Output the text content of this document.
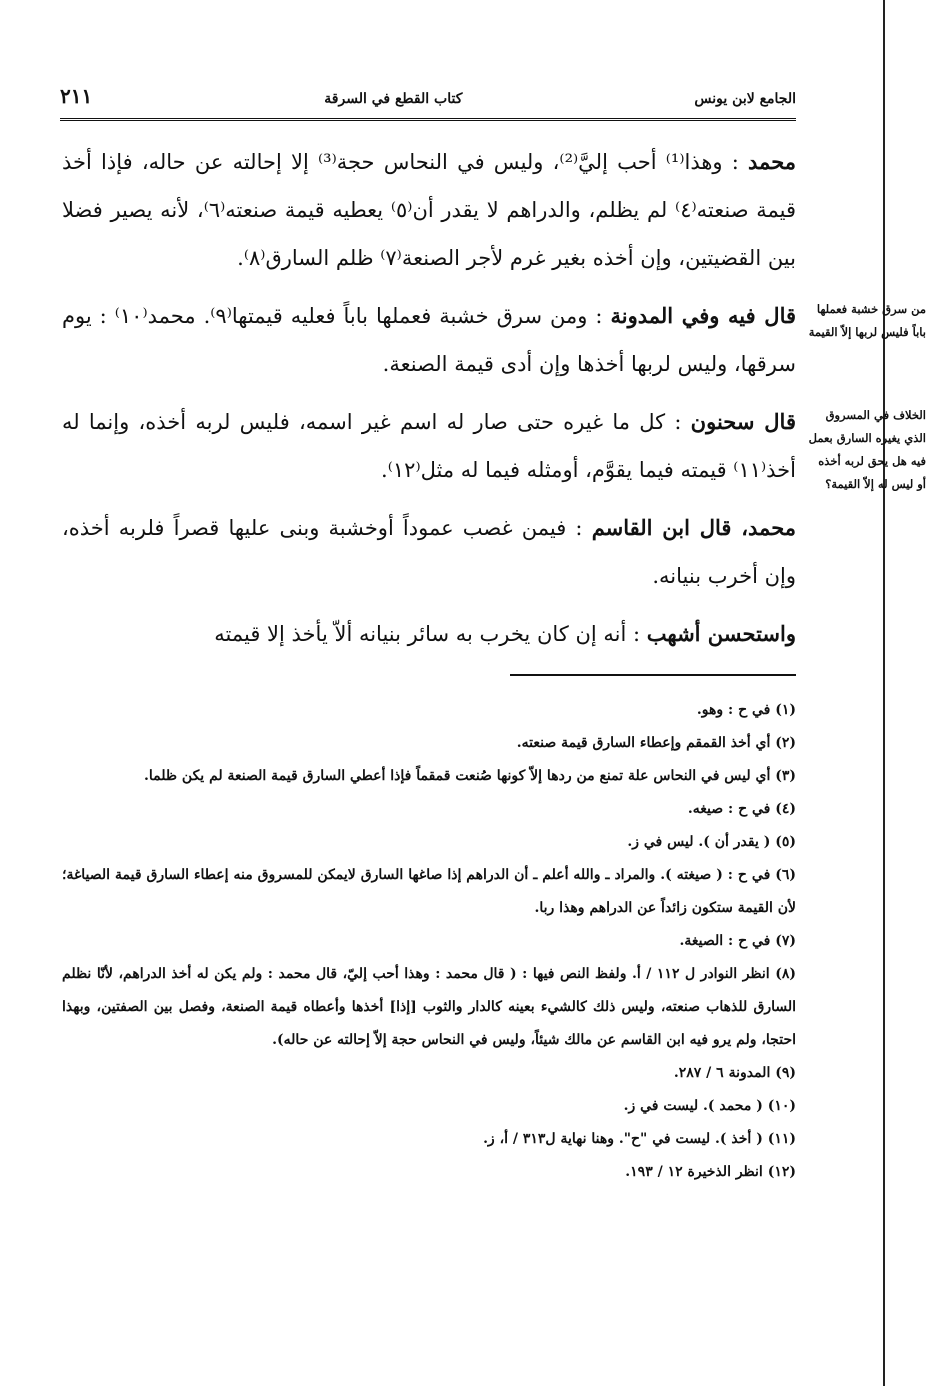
الجامع لابن يونس
كتاب القطع في السرقة
٢١١
من سرق خشبة فعملها باباً فليس لربها إلاّ القيمة
الخلاف في المسروق الذي يغيره السارق بعمل فيه هل يحق لربه أخذه أو ليس له إلاّ القيمة؟

محمد : وهذا⁽¹⁾ أحب إليَّ⁽²⁾، وليس في النحاس حجة⁽³⁾ إلا إحالته عن حاله، فإذا أخذ قيمة صنعته⁽٤⁾ لم يظلم، والدراهم لا يقدر أن⁽٥⁾ يعطيه قيمة صنعته⁽٦⁾، لأنه يصير فضلا بين القضيتين، وإن أخذه بغير غرم لأجر الصنعة⁽٧⁾ ظلم السارق⁽٨⁾.

قال فيه وفي المدونة : ومن سرق خشبة فعملها باباً فعليه قيمتها⁽٩⁾. محمد⁽١٠⁾ : يوم سرقها، وليس لربها أخذها وإن أدى قيمة الصنعة.

قال سحنون : كل ما غيره حتى صار له اسم غير اسمه، فليس لربه أخذه، وإنما له أخذ⁽١١⁾ قيمته فيما يقوَّم، أومثله فيما له مثل⁽١٢⁾.

محمد، قال ابن القاسم : فيمن غصب عموداً أوخشبة وبنى عليها قصراً فلربه أخذه، وإن أخرب بنيانه.

واستحسن أشهب : أنه إن كان يخرب به سائر بنيانه ألاّ يأخذ إلا قيمته

(١) في ح : وهو.

(٢) أي أخذ القمقم وإعطاء السارق قيمة صنعته.

(٣) أي ليس في النحاس علة تمنع من ردها إلاّ كونها صُنعت قمقماً فإذا أعطي السارق قيمة الصنعة لم يكن ظلما.

(٤) في ح : صيغه.

(٥) ( يقدر أن ). ليس في ز.

(٦) في ح : ( صيغته ). والمراد ـ والله أعلم ـ أن الدراهم إذا صاغها السارق لايمكن للمسروق منه إعطاء السارق قيمة الصياغة؛ لأن القيمة ستكون زائداً عن الدراهم وهذا ربا.

(٧) في ح : الصيغة.

(٨) انظر النوادر ل ١١٢ / أ. ولفظ النص فيها : ( قال محمد : وهذا أحب إليّ، قال محمد : ولم يكن له أخذ الدراهم، لأنّا نظلم السارق للذهاب صنعته، وليس ذلك كالشيء بعينه كالدار والثوب [إذا] أخذها وأعطاه قيمة الصنعة، وفصل بين الصفتين، وبهذا احتجا، ولم يرو فيه ابن القاسم عن مالك شيئاً، وليس في النحاس حجة إلاّ إحالته عن حاله).

(٩) المدونة ٦ / ٢٨٧.

(١٠) ( محمد ). ليست في ز.

(١١) ( أخذ ). ليست في "ح". وهنا نهاية ل٣١٣ / أ، ز.

(١٢) انظر الذخيرة ١٢ / ١٩٣.
